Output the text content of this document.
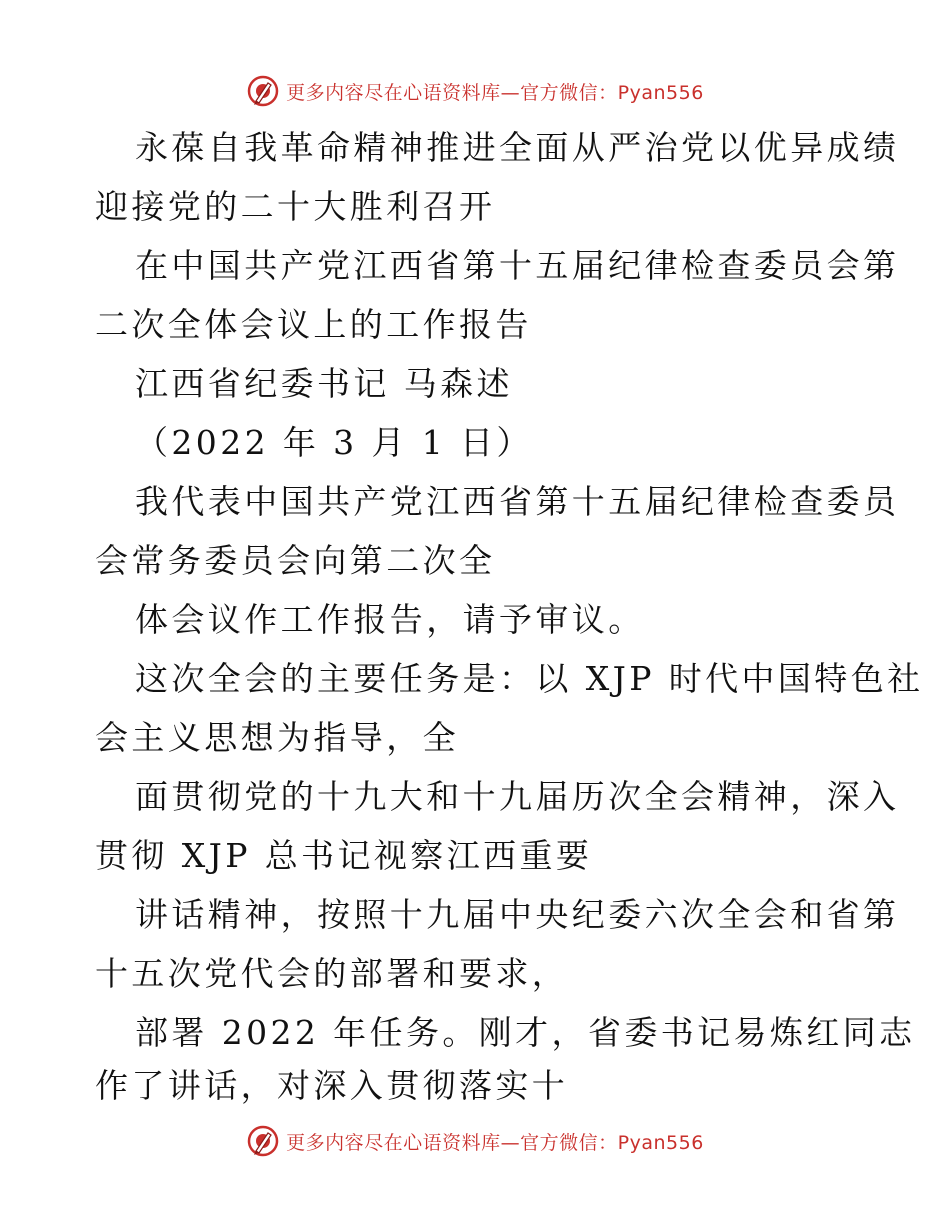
更多内容尽在心语资料库—官方微信：Pyan556
永葆自我革命精神推进全面从严治党以优异成绩
迎接党的二十大胜利召开
在中国共产党江西省第十五届纪律检查委员会第
二次全体会议上的工作报告
江西省纪委书记 马森述
（2022 年 3 月 1 日）
我代表中国共产党江西省第十五届纪律检查委员
会常务委员会向第二次全
体会议作工作报告，请予审议。
这次全会的主要任务是：以 XJP 时代中国特色社
会主义思想为指导，全
面贯彻党的十九大和十九届历次全会精神，深入
贯彻 XJP 总书记视察江西重要
讲话精神，按照十九届中央纪委六次全会和省第
十五次党代会的部署和要求，
部署 2022 年任务。刚才，省委书记易炼红同志
作了讲话，对深入贯彻落实十
更多内容尽在心语资料库—官方微信：Pyan556
